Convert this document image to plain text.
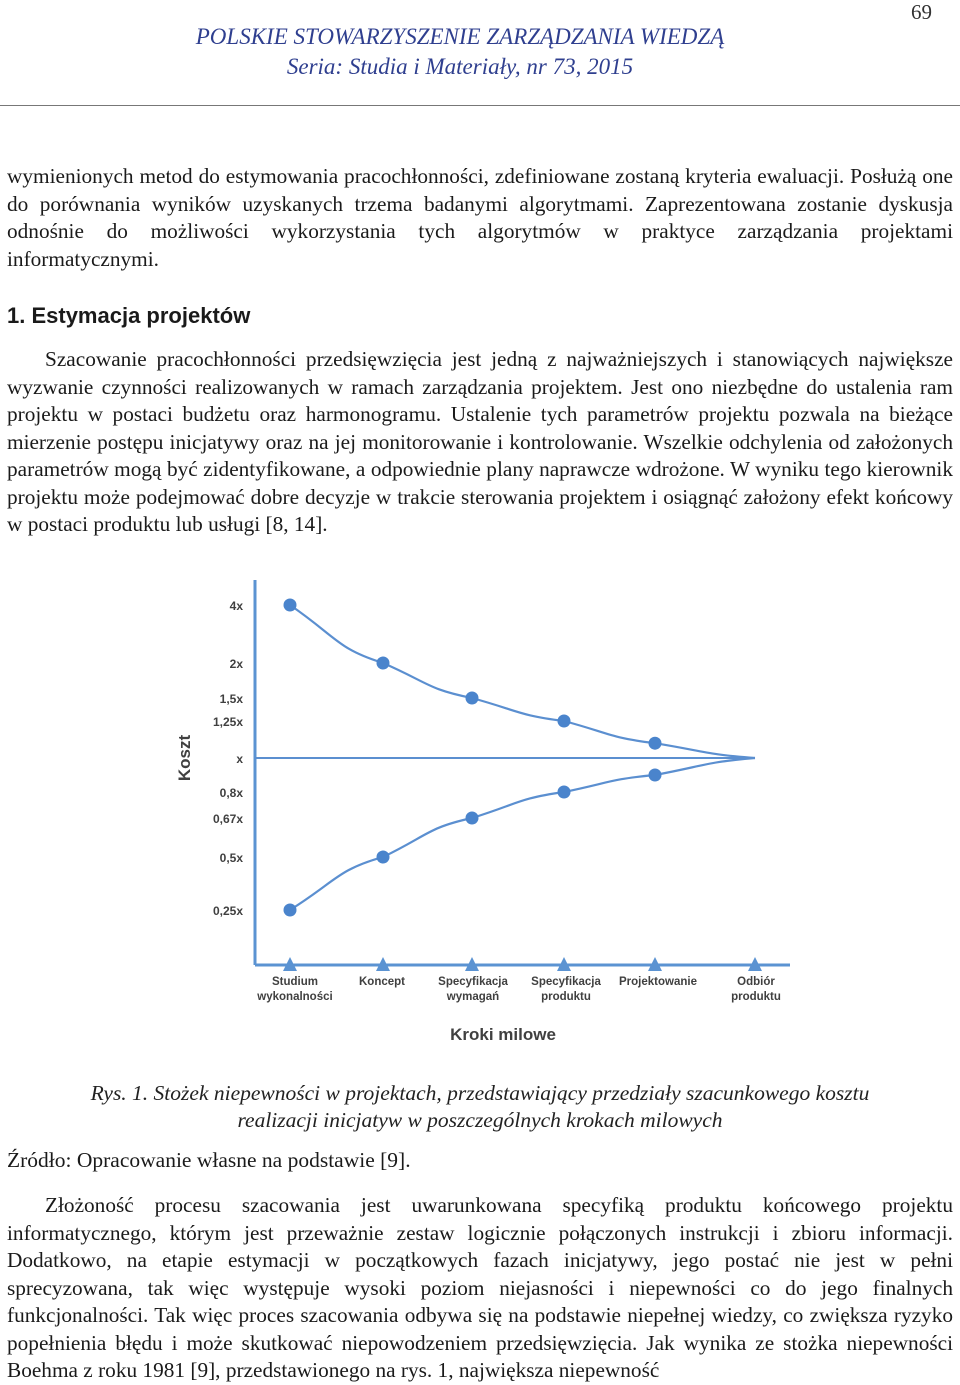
69
POLSKIE STOWARZYSZENIE ZARZĄDZANIA WIEDZĄ
Seria: Studia i Materiały, nr 73, 2015

wymienionych metod do estymowania pracochłonności, zdefiniowane zostaną kryteria ewaluacji. Posłużą one do porównania wyników uzyskanych trzema badanymi algorytmami. Zaprezentowana zostanie dyskusja odnośnie do możliwości wykorzystania tych algorytmów w praktyce zarządzania projektami informatycznymi.

1. Estymacja projektów

Szacowanie pracochłonności przedsięwzięcia jest jedną z najważniejszych i stanowiących największe wyzwanie czynności realizowanych w ramach zarządzania projektem. Jest ono niezbędne do ustalenia ram projektu w postaci budżetu oraz harmonogramu. Ustalenie tych parametrów projektu pozwala na bieżące mierzenie postępu inicjatywy oraz na jej monitorowanie i kontrolowanie. Wszelkie odchylenia od założonych parametrów mogą być zidentyfikowane, a odpowiednie plany naprawcze wdrożone. W wyniku tego kierownik projektu może podejmować dobre decyzje w trakcie sterowania projektem i osiągnąć założony efekt końcowy w postaci produktu lub usługi [8, 14].

Koszt
Kroki milowe
4x
2x
1,5x
1,25x
x
0,8x
0,67x
0,5x
0,25x
Studium
wykonalności
Koncept	Specyfikacja
wymagań
Specyfikacja
produktu
Projektowanie	Odbiór
produktu
Rys. 1. Stożek niepewności w projektach, przedstawiający przedziały szacunkowego kosztu
realizacji inicjatyw w poszczególnych krokach milowych
Źródło: Opracowanie własne na podstawie [9].

Złożoność procesu szacowania jest uwarunkowana specyfiką produktu końcowego projektu informatycznego, którym jest przeważnie zestaw logicznie połączonych instrukcji i zbioru informacji. Dodatkowo, na etapie estymacji w początkowych fazach inicjatywy, jego postać nie jest w pełni sprecyzowana, tak więc występuje wysoki poziom niejasności i niepewności co do jego finalnych funkcjonalności. Tak więc proces szacowania odbywa się na podstawie niepełnej wiedzy, co zwiększa ryzyko popełnienia błędu i może skutkować niepowodzeniem przedsięwzięcia. Jak wynika ze stożka niepewności Boehma z roku 1981 [9], przedstawionego na rys. 1, największa niepewność
